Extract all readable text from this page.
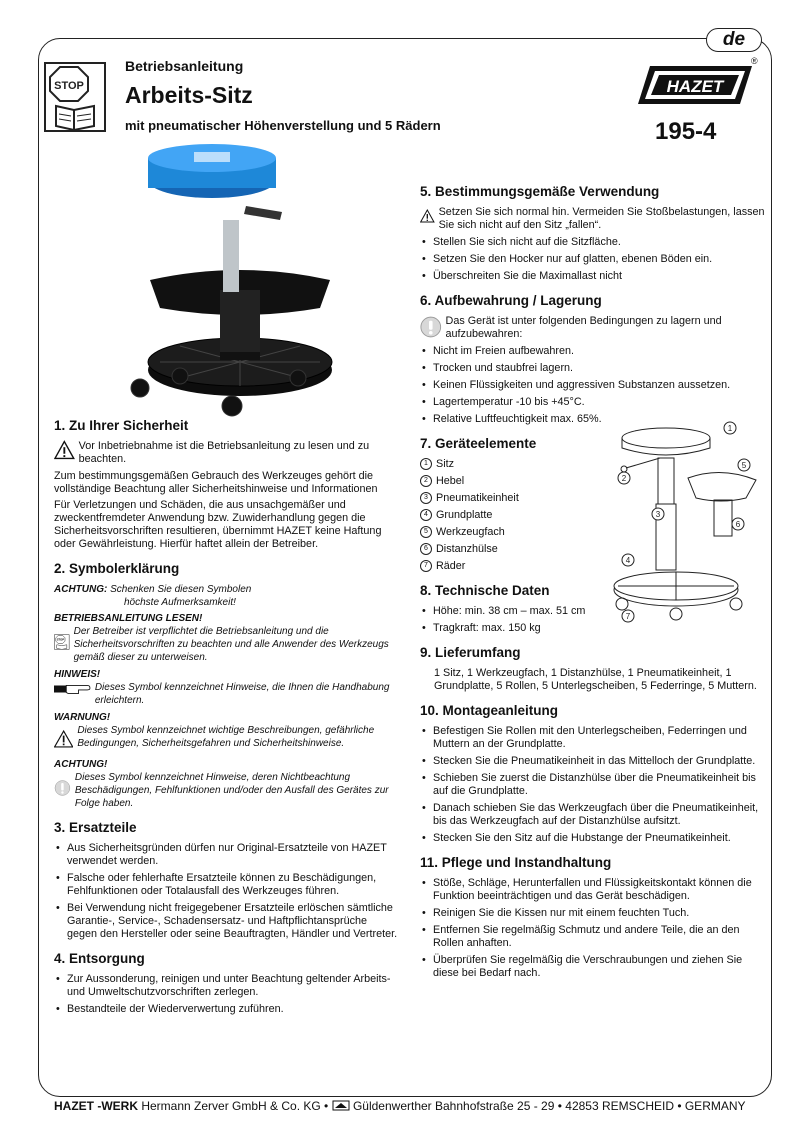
de
STOP
Betriebsanleitung
Arbeits-Sitz
mit pneumatischer Höhenverstellung und 5 Rädern
HAZET
®
195-4
1. Zu Ihrer Sicherheit
Vor Inbetriebnahme ist die Betriebsanleitung zu lesen und zu beachten.

Zum bestimmungsgemäßen Gebrauch des Werkzeuges gehört die vollständige Beachtung aller Sicherheitshinweise und Informationen

Für Verletzungen und Schäden, die aus unsachgemäßer und zweckentfremdeter Anwendung bzw. Zuwiderhandlung gegen die Sicherheitsvorschriften resultieren, übernimmt HAZET keine Haftung oder Gewährleistung. Hierfür haftet allein der Betreiber.

2. Symbolerklärung
ACHTUNG: Schenken Sie diesen Symbolen
höchste Aufmerksamkeit!
BETRIEBSANLEITUNG LESEN!
STOP
Der Betreiber ist verpflichtet die Betriebsanleitung und die Sicherheitsvorschriften zu beachten und alle Anwender des Werkzeugs gemäß dieser zu unterweisen.
HINWEIS!
Dieses Symbol kennzeichnet Hinweise, die Ihnen die Handhabung erleichtern.
WARNUNG!
Dieses Symbol kennzeichnet wichtige Beschreibungen, gefährliche Bedingungen, Sicherheitsgefahren und Sicherheitshinweise.
ACHTUNG!
Dieses Symbol kennzeichnet Hinweise, deren Nichtbeachtung Beschädigungen, Fehlfunktionen und/oder den Ausfall des Gerätes zur Folge haben.
3. Ersatzteile
• Aus Sicherheitsgründen dürfen nur Original-Ersatzteile von HAZET verwendet werden.
• Falsche oder fehlerhafte Ersatzteile können zu Beschädigungen, Fehlfunktionen oder Totalausfall des Werkzeuges führen.
• Bei Verwendung nicht freigegebener Ersatzteile erlöschen sämtliche Garantie-, Service-, Schadensersatz- und Haftpflichtansprüche gegen den Hersteller oder seine Beauftragten, Händler und Vertreter.
4. Entsorgung
• Zur Aussonderung, reinigen und unter Beachtung geltender Arbeits- und Umweltschutzvorschriften zerlegen.
• Bestandteile der Wiederverwertung zuführen.
5. Bestimmungsgemäße Verwendung
Setzen Sie sich normal hin. Vermeiden Sie Stoßbelastungen, lassen Sie sich nicht auf den Sitz „fallen“.
• Stellen Sie sich nicht auf die Sitzfläche.
• Setzen Sie den Hocker nur auf glatten, ebenen Böden ein.
• Überschreiten Sie die Maximallast nicht
6. Aufbewahrung / Lagerung
Das Gerät ist unter folgenden Bedingungen zu lagern und aufzubewahren:
• Nicht im Freien aufbewahren.
• Trocken und staubfrei lagern.
• Keinen Flüssigkeiten und aggressiven Substanzen aussetzen.
• Lagertemperatur -10 bis +45°C.
• Relative Luftfeuchtigkeit max. 65%.
7. Geräteelemente
1 Sitz
2 Hebel
3 Pneumatikeinheit
4 Grundplatte
5 Werkzeugfach
6 Distanzhülse
7 Räder
8. Technische Daten
• Höhe: min. 38 cm – max. 51 cm
• Tragkraft: max. 150 kg
9. Lieferumfang

1 Sitz, 1 Werkzeugfach, 1 Distanzhülse, 1 Pneumatikeinheit, 1 Grundplatte, 5 Rollen, 5 Unterlegscheiben, 5 Federringe, 5 Muttern.

10. Montageanleitung
• Befestigen Sie Rollen mit den Unterlegscheiben, Federringen und Muttern an der Grundplatte.
• Stecken Sie die Pneumatikeinheit in das Mittelloch der Grundplatte.
• Schieben Sie zuerst die Distanzhülse über die Pneumatikeinheit bis auf die Grundplatte.
• Danach schieben Sie das Werkzeugfach über die Pneumatikeinheit, bis das Werkzeugfach auf der Distanzhülse aufsitzt.
• Stecken Sie den Sitz auf die Hubstange der Pneumatikeinheit.
11. Pflege und Instandhaltung
• Stöße, Schläge, Herunterfallen und Flüssigkeitskontakt können die Funktion beeinträchtigen und das Gerät beschädigen.
• Reinigen Sie die Kissen nur mit einem feuchten Tuch.
• Entfernen Sie regelmäßig Schmutz und andere Teile, die an den Rollen anhaften.
• Überprüfen Sie regelmäßig die Verschraubungen und ziehen Sie diese bei Bedarf nach.
1
2
3
4
5
6
7
HAZET -WERK Hermann Zerver GmbH & Co. KG • Güldenwerther Bahnhofstraße 25 - 29 • 42853 REMSCHEID • GERMANY
